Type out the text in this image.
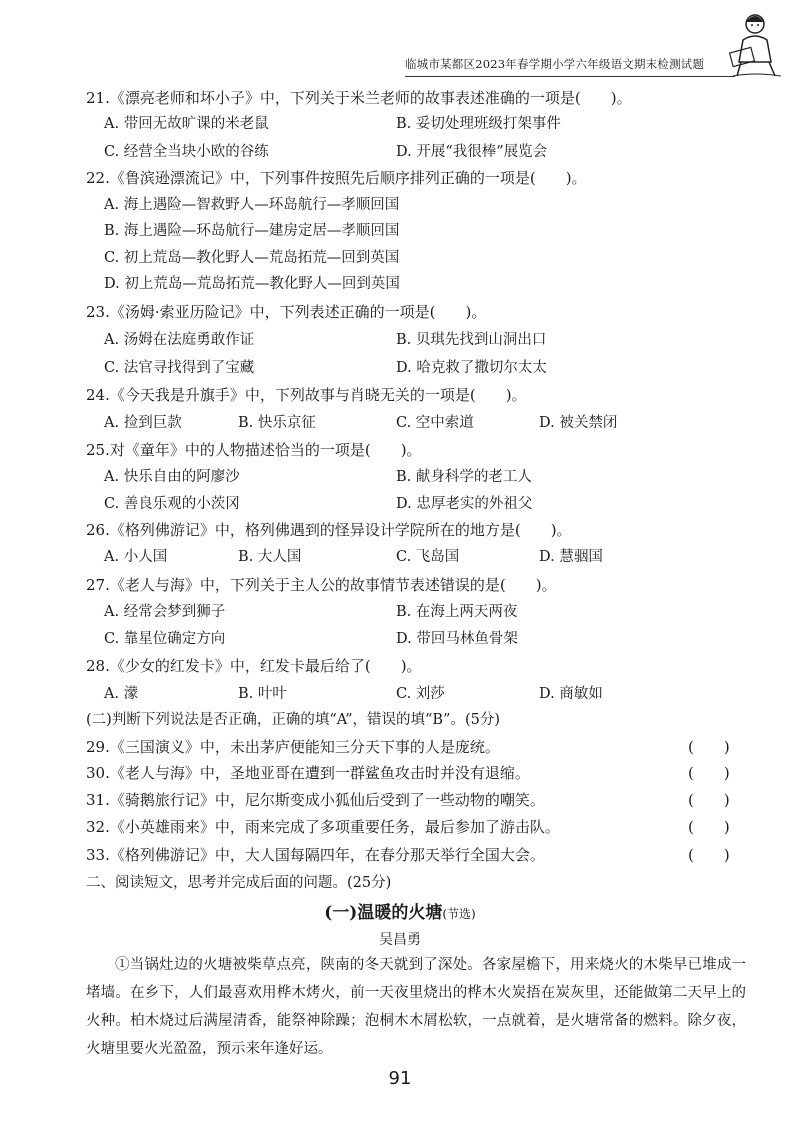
临城市某都区2023年春学期小学六年级语文期末检测试题
21.《漂亮老师和坏小子》中，下列关于米兰老师的故事表述准确的一项是(　　)。
A. 带回无故旷课的米老鼠	B. 妥切处理班级打架事件
C. 经营全当块小欧的谷练	D. 开展“我很棒”展览会
22.《鲁滨逊漂流记》中，下列事件按照先后顺序排列正确的一项是(　　)。
A. 海上遇险—智救野人—环岛航行—孝顺回国
B. 海上遇险—环岛航行—建房定居—孝顺回国
C. 初上荒岛—教化野人—荒岛拓荒—回到英国
D. 初上荒岛—荒岛拓荒—教化野人—回到英国
23.《汤姆·索亚历险记》中，下列表述正确的一项是(　　)。
A. 汤姆在法庭勇敢作证	B. 贝琪先找到山洞出口
C. 法官寻找得到了宝藏	D. 哈克救了撒切尔太太
24.《今天我是升旗手》中，下列故事与肖晓无关的一项是(　　)。
A. 捡到巨款	B. 快乐京征	C. 空中索道	D. 被关禁闭
25.对《童年》中的人物描述恰当的一项是(　　)。
A. 快乐自由的阿廖沙	B. 献身科学的老工人
C. 善良乐观的小茨冈	D. 忠厚老实的外祖父
26.《格列佛游记》中，格列佛遇到的怪异设计学院所在的地方是(　　)。
A. 小人国	B. 大人国	C. 飞岛国	D. 慧骃国
27.《老人与海》中，下列关于主人公的故事情节表述错误的是(　　)。
A. 经常会梦到狮子	B. 在海上两天两夜
C. 靠星位确定方向	D. 带回马林鱼骨架
28.《少女的红发卡》中，红发卡最后给了(　　)。
A. 濛	B. 叶叶	C. 刘莎	D. 商敏如
(二)判断下列说法是否正确，正确的填“A”，错误的填“B”。(5分)
29.《三国演义》中，未出茅庐便能知三分天下事的人是庞统。	(　　)
30.《老人与海》中，圣地亚哥在遭到一群鲨鱼攻击时并没有退缩。	(　　)
31.《骑鹅旅行记》中，尼尔斯变成小狐仙后受到了一些动物的嘲笑。	(　　)
32.《小英雄雨来》中，雨来完成了多项重要任务，最后参加了游击队。	(　　)
33.《格列佛游记》中，大人国每隔四年，在春分那天举行全国大会。	(　　)
二、阅读短文，思考并完成后面的问题。(25分)
(一)温暖的火塘(节选)
吴昌勇
①当锅灶边的火塘被柴草点亮，陕南的冬天就到了深处。各家屋檐下，用来烧火的木柴早已堆成一堵墙。在乡下，人们最喜欢用桦木烤火，前一天夜里烧出的桦木火炭捂在炭灰里，还能做第二天早上的火种。柏木烧过后满屋清香，能祭神除躁；泡桐木木屑松软，一点就着，是火塘常备的燃料。除夕夜，火塘里要火光盈盈，预示来年逢好运。
91
